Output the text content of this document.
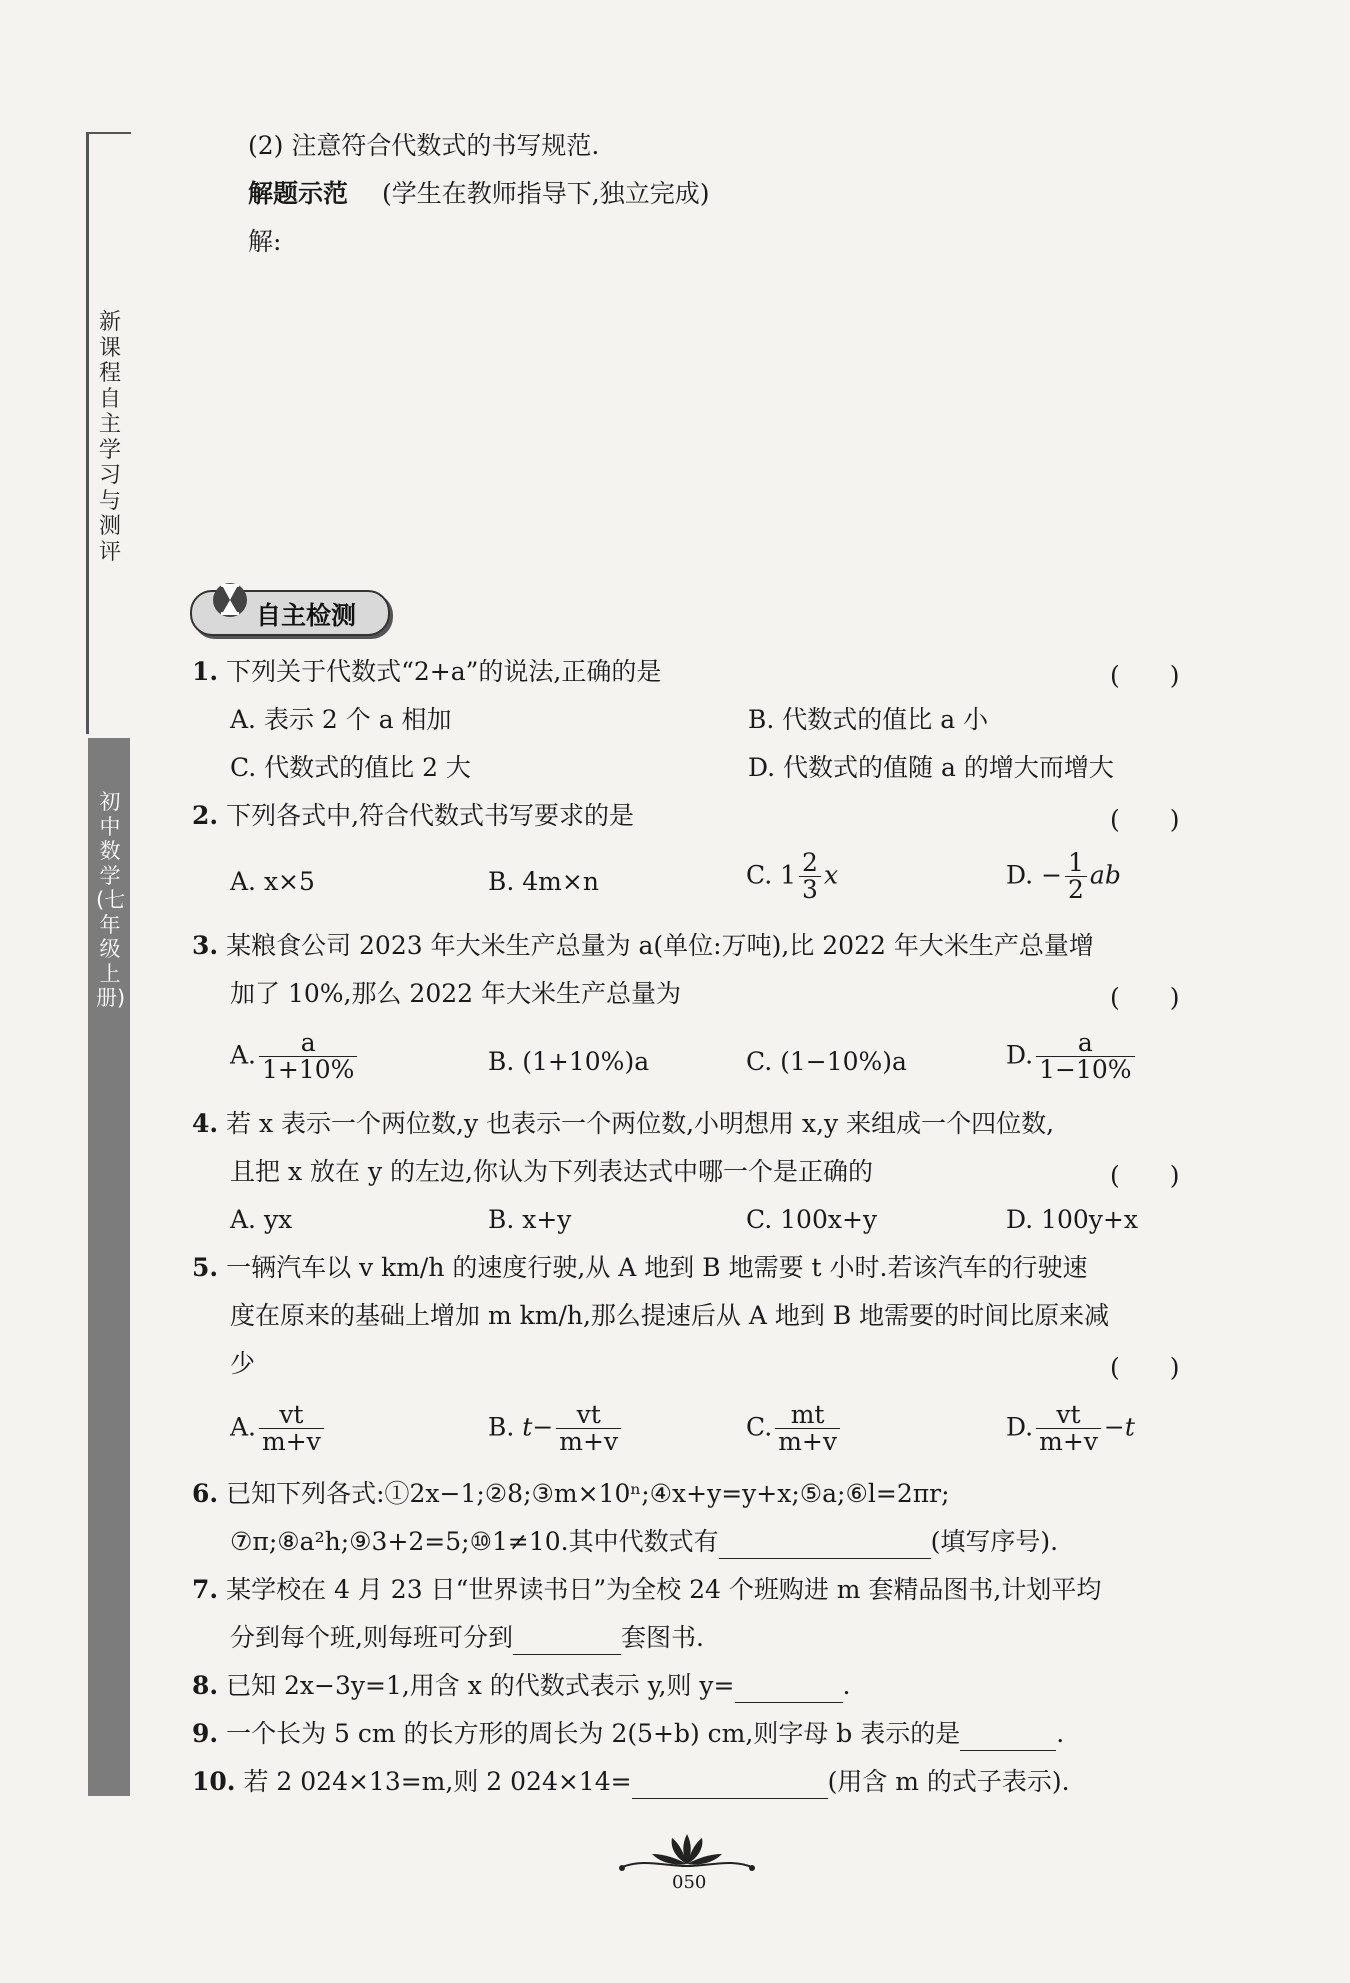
新课程自主学习与测评
初中数学(七年级上册)
(2) 注意符合代数式的书写规范.
解题示范 (学生在教师指导下,独立完成)
解:
自主检测
1. 下列关于代数式“2+a”的说法,正确的是	(　　)
A. 表示 2 个 a 相加	B. 代数式的值比 a 小
C. 代数式的值比 2 大	D. 代数式的值随 a 的增大而增大
2. 下列各式中,符合代数式书写要求的是	(　　)
A. x×5	B. 4m×n	C. $1 \frac{2}{3}$ x	D. − $\frac{1}{2}$ ab
3. 某粮食公司 2023 年大米生产总量为 a(单位:万吨),比 2022 年大米生产总量增
加了 10%,那么 2022 年大米生产总量为	(　　)
A. $\frac{a}{1+10\%}$	B. (1+10%)a	C. (1−10%)a	D. $\frac{a}{1-10\%}$
4. 若 x 表示一个两位数,y 也表示一个两位数,小明想用 x,y 来组成一个四位数,
且把 x 放在 y 的左边,你认为下列表达式中哪一个是正确的	(　　)
A. yx	B. x+y	C. 100x+y	D. 100y+x
5. 一辆汽车以 v km/h 的速度行驶,从 A 地到 B 地需要 t 小时.若该汽车的行驶速
度在原来的基础上增加 m km/h,那么提速后从 A 地到 B 地需要的时间比原来减
少	(　　)
A. $\frac{vt}{m+v}$	B. $t- \frac{vt}{m+v}$	C. $\frac{mt}{m+v}$	D. $\frac{vt}{m+v} -t$
6. 已知下列各式:①2x−1;②8;③m×10ⁿ;④x+y=y+x;⑤a;⑥l=2πr;
⑦π;⑧a²h;⑨3+2=5;⑩1≠10.其中代数式有	(填写序号).
7. 某学校在 4 月 23 日“世界读书日”为全校 24 个班购进 m 套精品图书,计划平均
分到每个班,则每班可分到	套图书.
8. 已知 2x−3y=1,用含 x 的代数式表示 y,则 y=	.
9. 一个长为 5 cm 的长方形的周长为 2(5+b) cm,则字母 b 表示的是	.
10. 若 2 024×13=m,则 2 024×14=	(用含 m 的式子表示).
050
